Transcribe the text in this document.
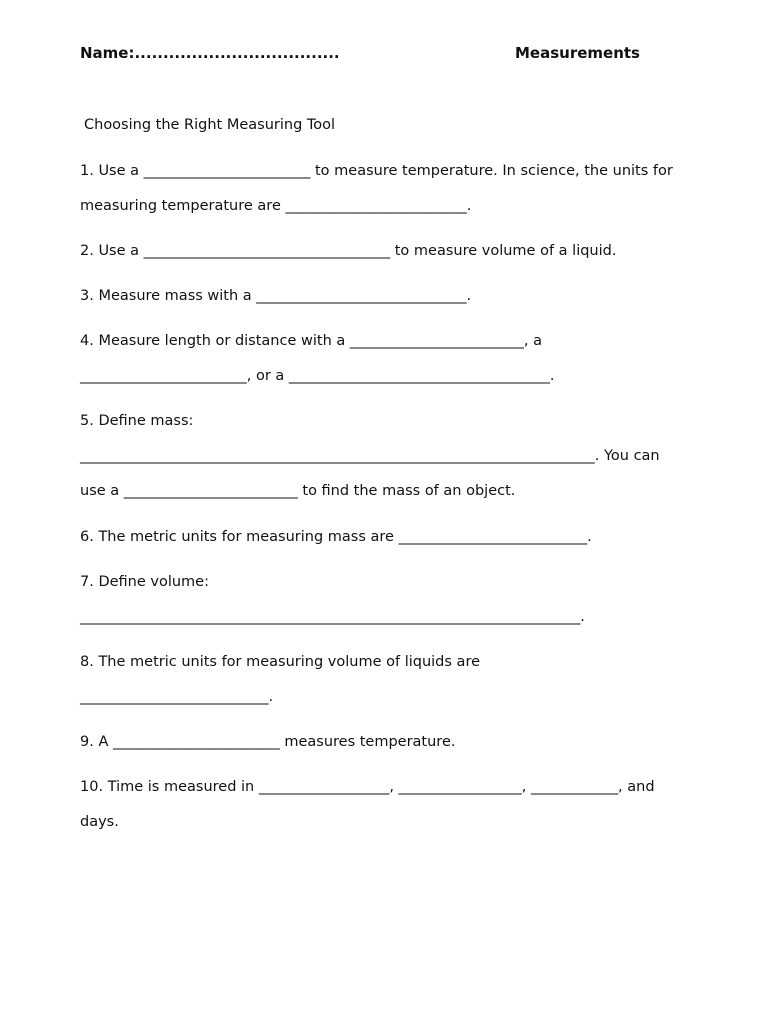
Name:....................................	Measurements
Choosing the Right Measuring Tool
1. Use a _______________________ to measure temperature. In science, the units for
measuring temperature are _________________________.
2. Use a __________________________________ to measure volume of a liquid.
3. Measure mass with a _____________________________.
4. Measure length or distance with a ________________________, a
_______________________, or a ____________________________________.
5. Define mass:
_______________________________________________________________________. You can
use a ________________________ to find the mass of an object.
6. The metric units for measuring mass are __________________________.
7. Define volume:
_____________________________________________________________________.
8. The metric units for measuring volume of liquids are
__________________________.
9. A _______________________ measures temperature.
10. Time is measured in __________________, _________________, ____________, and
days.
